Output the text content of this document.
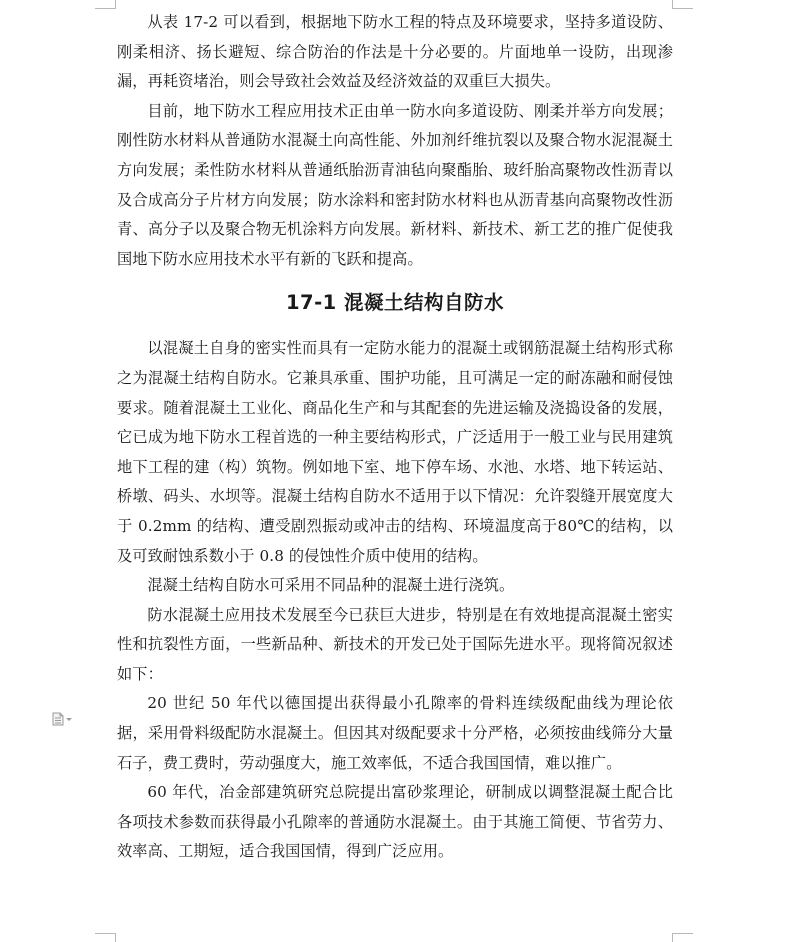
从表 17-2 可以看到，根据地下防水工程的特点及环境要求，坚持多道设防、刚柔相济、扬长避短、综合防治的作法是十分必要的。片面地单一设防，出现渗漏，再耗资堵治，则会导致社会效益及经济效益的双重巨大损失。

目前，地下防水工程应用技术正由单一防水向多道设防、刚柔并举方向发展；刚性防水材料从普通防水混凝土向高性能、外加剂纤维抗裂以及聚合物水泥混凝土方向发展；柔性防水材料从普通纸胎沥青油毡向聚酯胎、玻纤胎高聚物改性沥青以及合成高分子片材方向发展；防水涂料和密封防水材料也从沥青基向高聚物改性沥青、高分子以及聚合物无机涂料方向发展。新材料、新技术、新工艺的推广促使我国地下防水应用技术水平有新的飞跃和提高。

17-1 混凝土结构自防水

以混凝土自身的密实性而具有一定防水能力的混凝土或钢筋混凝土结构形式称之为混凝土结构自防水。它兼具承重、围护功能，且可满足一定的耐冻融和耐侵蚀要求。随着混凝土工业化、商品化生产和与其配套的先进运输及浇捣设备的发展，它已成为地下防水工程首选的一种主要结构形式，广泛适用于一般工业与民用建筑地下工程的建（构）筑物。例如地下室、地下停车场、水池、水塔、地下转运站、桥墩、码头、水坝等。混凝土结构自防水不适用于以下情况：允许裂缝开展宽度大于 0.2mm 的结构、遭受剧烈振动或冲击的结构、环境温度高于80℃的结构，以及可致耐蚀系数小于 0.8 的侵蚀性介质中使用的结构。

混凝土结构自防水可采用不同品种的混凝土进行浇筑。

防水混凝土应用技术发展至今已获巨大进步，特别是在有效地提高混凝土密实性和抗裂性方面，一些新品种、新技术的开发已处于国际先进水平。现将简况叙述如下：

20 世纪 50 年代以德国提出获得最小孔隙率的骨料连续级配曲线为理论依据，采用骨料级配防水混凝土。但因其对级配要求十分严格，必须按曲线筛分大量石子，费工费时，劳动强度大，施工效率低，不适合我国国情，难以推广。

60 年代，冶金部建筑研究总院提出富砂浆理论，研制成以调整混凝土配合比各项技术参数而获得最小孔隙率的普通防水混凝土。由于其施工简便、节省劳力、效率高、工期短，适合我国国情，得到广泛应用。
